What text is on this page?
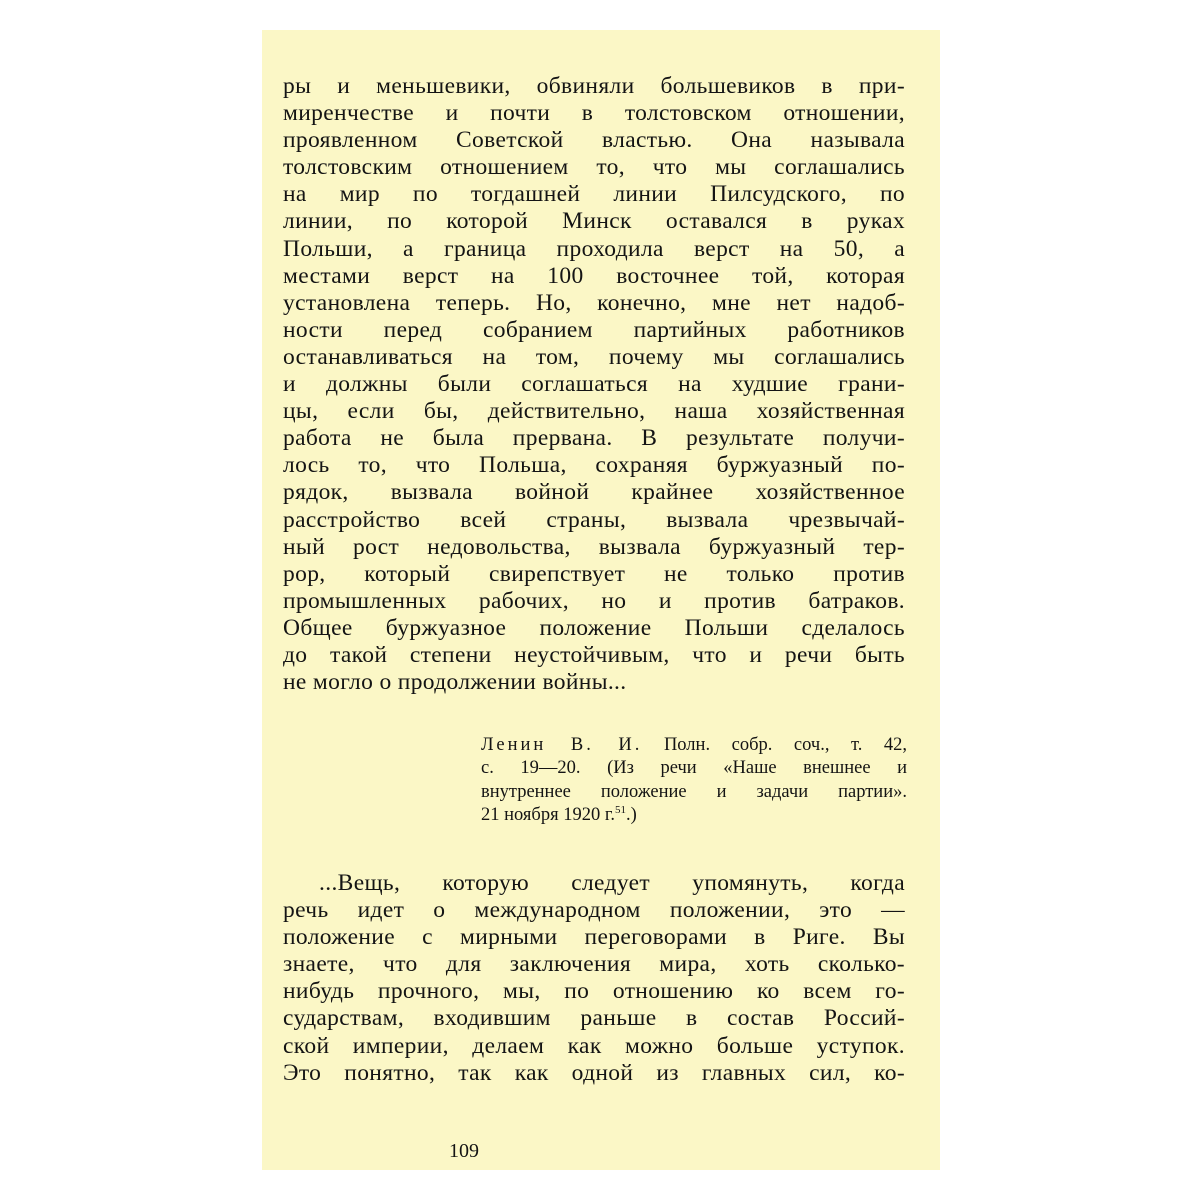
ры и меньшевики, обвиняли большевиков в при-
миренчестве и почти в толстовском отношении,
проявленном Советской властью. Она называла
толстовским отношением то, что мы соглашались
на мир по тогдашней линии Пилсудского, по
линии, по которой Минск оставался в руках
Польши, а граница проходила верст на 50, а
местами верст на 100 восточнее той, которая
установлена теперь. Но, конечно, мне нет надоб-
ности перед собранием партийных работников
останавливаться на том, почему мы соглашались
и должны были соглашаться на худшие грани-
цы, если бы, действительно, наша хозяйственная
работа не была прервана. В результате получи-
лось то, что Польша, сохраняя буржуазный по-
рядок, вызвала войной крайнее хозяйственное
расстройство всей страны, вызвала чрезвычай-
ный рост недовольства, вызвала буржуазный тер-
рор, который свирепствует не только против
промышленных рабочих, но и против батраков.
Общее буржуазное положение Польши сделалось
до такой степени неустойчивым, что и речи быть
не могло о продолжении войны...
Ленин В. И. Полн. собр. соч., т. 42,
с. 19—20. (Из речи «Наше внешнее и
внутреннее положение и задачи партии».
21 ноября 1920 г.$^{51}$.)
...Вещь, которую следует упомянуть, когда
речь идет о международном положении, это —
положение с мирными переговорами в Риге. Вы
знаете, что для заключения мира, хоть сколько-
нибудь прочного, мы, по отношению ко всем го-
сударствам, входившим раньше в состав Россий-
ской империи, делаем как можно больше уступок.
Это понятно, так как одной из главных сил, ко-
109
